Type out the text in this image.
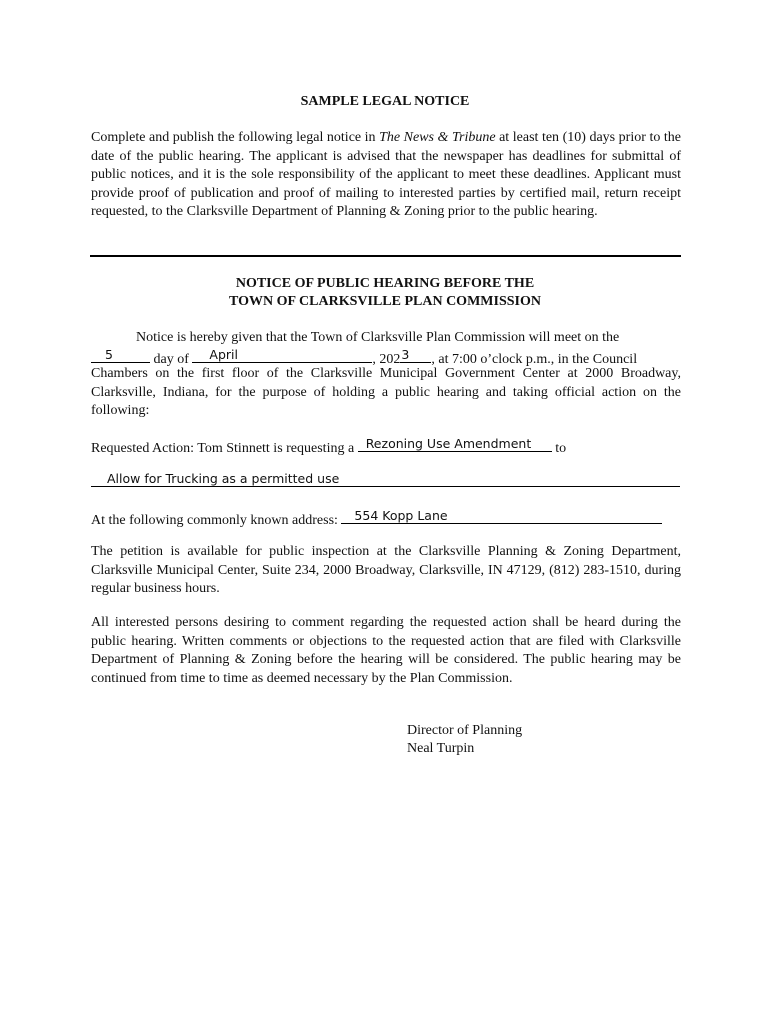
SAMPLE LEGAL NOTICE
Complete and publish the following legal notice in The News & Tribune at least ten (10) days prior to the date of the public hearing. The applicant is advised that the newspaper has deadlines for submittal of public notices, and it is the sole responsibility of the applicant to meet these deadlines. Applicant must provide proof of publication and proof of mailing to interested parties by certified mail, return receipt requested, to the Clarksville Department of Planning & Zoning prior to the public hearing.
NOTICE OF PUBLIC HEARING BEFORE THE
TOWN OF CLARKSVILLE PLAN COMMISSION
Notice is hereby given that the Town of Clarksville Plan Commission will meet on the
5	day of April	, 202 3 , at 7:00 o’clock p.m., in the Council
Chambers on the first floor of the Clarksville Municipal Government Center at 2000 Broadway, Clarksville, Indiana, for the purpose of holding a public hearing and taking official action on the following:
Requested Action: Tom Stinnett is requesting a Rezoning Use Amendment to
Allow for Trucking as a permitted use
At the following commonly known address: 554 Kopp Lane
The petition is available for public inspection at the Clarksville Planning & Zoning Department, Clarksville Municipal Center, Suite 234, 2000 Broadway, Clarksville, IN 47129, (812) 283-1510, during regular business hours.
All interested persons desiring to comment regarding the requested action shall be heard during the public hearing. Written comments or objections to the requested action that are filed with Clarksville Department of Planning & Zoning before the hearing will be considered. The public hearing may be continued from time to time as deemed necessary by the Plan Commission.
Director of Planning
Neal Turpin
